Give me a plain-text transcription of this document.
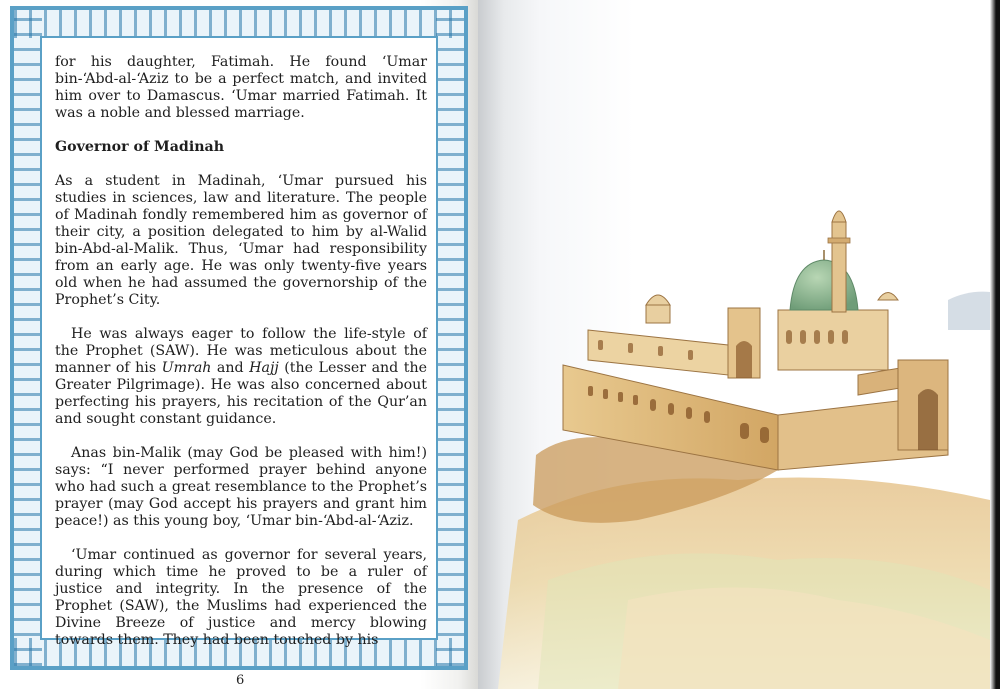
for his daughter, Fatimah. He found ‘Umar bin-‘Abd-al-‘Aziz to be a perfect match, and invited him over to Damascus. ‘Umar married Fatimah. It was a noble and blessed marriage.

Governor of Madinah

As a student in Madinah, ‘Umar pursued his studies in sciences, law and literature. The people of Madinah fondly remembered him as governor of their city, a position delegated to him by al-Walid bin-Abd-al-Malik. Thus, ‘Umar had responsibility from an early age. He was only twenty-five years old when he had assumed the governorship of the Prophet’s City.

He was always eager to follow the life-style of the Prophet (SAW). He was meticulous about the manner of his Umrah and Hajj (the Lesser and the Greater Pilgrimage). He was also concerned about perfecting his prayers, his recitation of the Qur’an and sought constant guidance.

Anas bin-Malik (may God be pleased with him!) says: “I never performed prayer behind anyone who had such a great resemblance to the Prophet’s prayer (may God accept his prayers and grant him peace!) as this young boy, ‘Umar bin-‘Abd-al-‘Aziz.

‘Umar continued as governor for several years, during which time he proved to be a ruler of justice and integrity. In the presence of the Prophet (SAW), the Muslims had experienced the Divine Breeze of justice and mercy blowing towards them. They had been touched by his

6
